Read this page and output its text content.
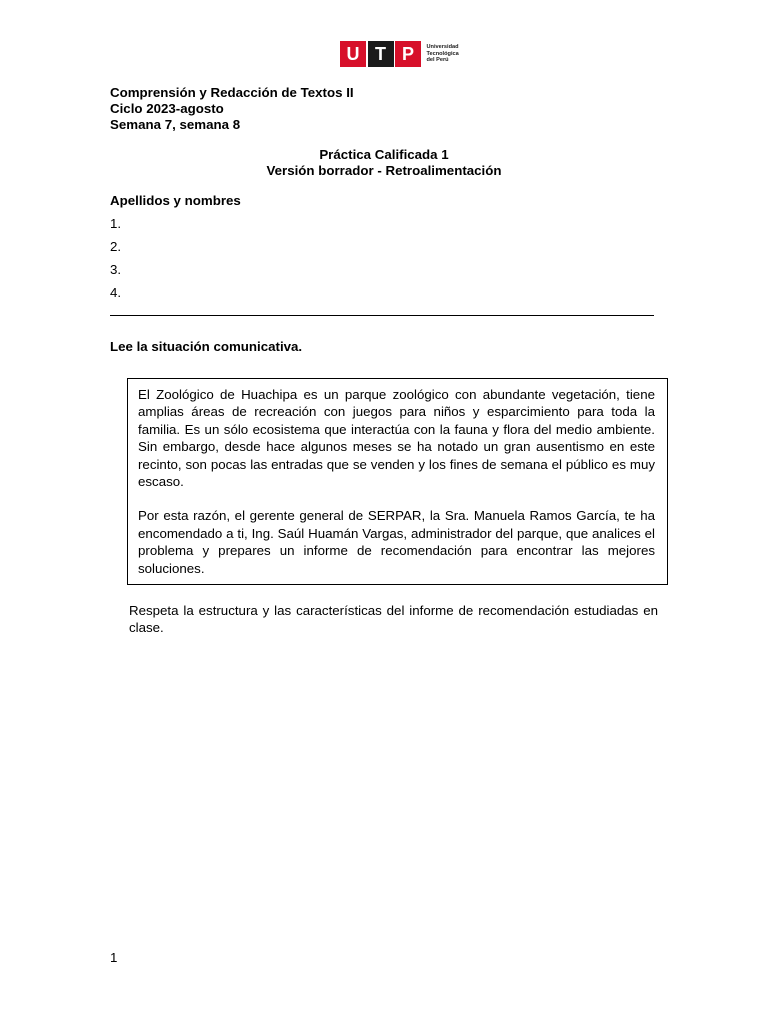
U T P	Universidad
Tecnológica
del Perú
Comprensión y Redacción de Textos II
Ciclo 2023-agosto
Semana 7, semana 8
Práctica Calificada 1
Versión borrador - Retroalimentación
Apellidos y nombres
1.
2.
3.
4.
Lee la situación comunicativa.

El Zoológico de Huachipa es un parque zoológico con abundante vegetación, tiene amplias áreas de recreación con juegos para niños y esparcimiento para toda la familia. Es un sólo ecosistema que interactúa con la fauna y flora del medio ambiente. Sin embargo, desde hace algunos meses se ha notado un gran ausentismo en este recinto, son pocas las entradas que se venden y los fines de semana el público es muy escaso.

Por esta razón, el gerente general de SERPAR, la Sra. Manuela Ramos García, te ha encomendado a ti, Ing. Saúl Huamán Vargas, administrador del parque, que analices el problema y prepares un informe de recomendación para encontrar las mejores soluciones.

Respeta la estructura y las características del informe de recomendación estudiadas en clase.

1
